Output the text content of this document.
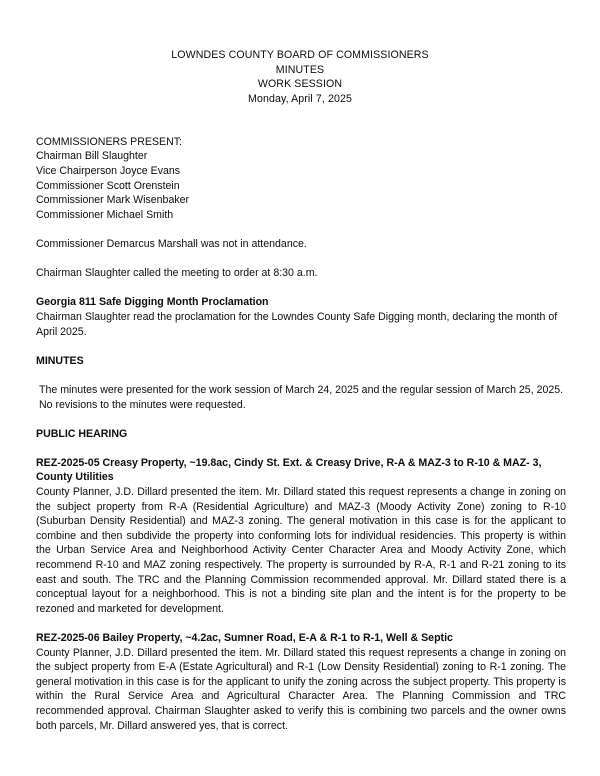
LOWNDES COUNTY BOARD OF COMMISSIONERS
MINUTES
WORK SESSION
Monday, April 7, 2025
COMMISSIONERS PRESENT:
Chairman Bill Slaughter
Vice Chairperson Joyce Evans
Commissioner Scott Orenstein
Commissioner Mark Wisenbaker
Commissioner Michael Smith

Commissioner Demarcus Marshall was not in attendance.

Chairman Slaughter called the meeting to order at 8:30 a.m.

Georgia 811 Safe Digging Month Proclamation

Chairman Slaughter read the proclamation for the Lowndes County Safe Digging month, declaring the month of April 2025.

MINUTES

The minutes were presented for the work session of March 24, 2025 and the regular session of March 25, 2025. No revisions to the minutes were requested.

PUBLIC HEARING
REZ-2025-05 Creasy Property, ~19.8ac, Cindy St. Ext. & Creasy Drive, R-A & MAZ-3 to R-10 & MAZ- 3, County Utilities

County Planner, J.D. Dillard presented the item. Mr. Dillard stated this request represents a change in zoning on the subject property from R-A (Residential Agriculture) and MAZ-3 (Moody Activity Zone) zoning to R-10 (Suburban Density Residential) and MAZ-3 zoning. The general motivation in this case is for the applicant to combine and then subdivide the property into conforming lots for individual residencies. This property is within the Urban Service Area and Neighborhood Activity Center Character Area and Moody Activity Zone, which recommend R-10 and MAZ zoning respectively. The property is surrounded by R-A, R-1 and R-21 zoning to its east and south. The TRC and the Planning Commission recommended approval. Mr. Dillard stated there is a conceptual layout for a neighborhood. This is not a binding site plan and the intent is for the property to be rezoned and marketed for development.

REZ-2025-06 Bailey Property, ~4.2ac, Sumner Road, E-A & R-1 to R-1, Well & Septic

County Planner, J.D. Dillard presented the item. Mr. Dillard stated this request represents a change in zoning on the subject property from E-A (Estate Agricultural) and R-1 (Low Density Residential) zoning to R-1 zoning. The general motivation in this case is for the applicant to unify the zoning across the subject property. This property is within the Rural Service Area and Agricultural Character Area. The Planning Commission and TRC recommended approval. Chairman Slaughter asked to verify this is combining two parcels and the owner owns both parcels, Mr. Dillard answered yes, that is correct.
